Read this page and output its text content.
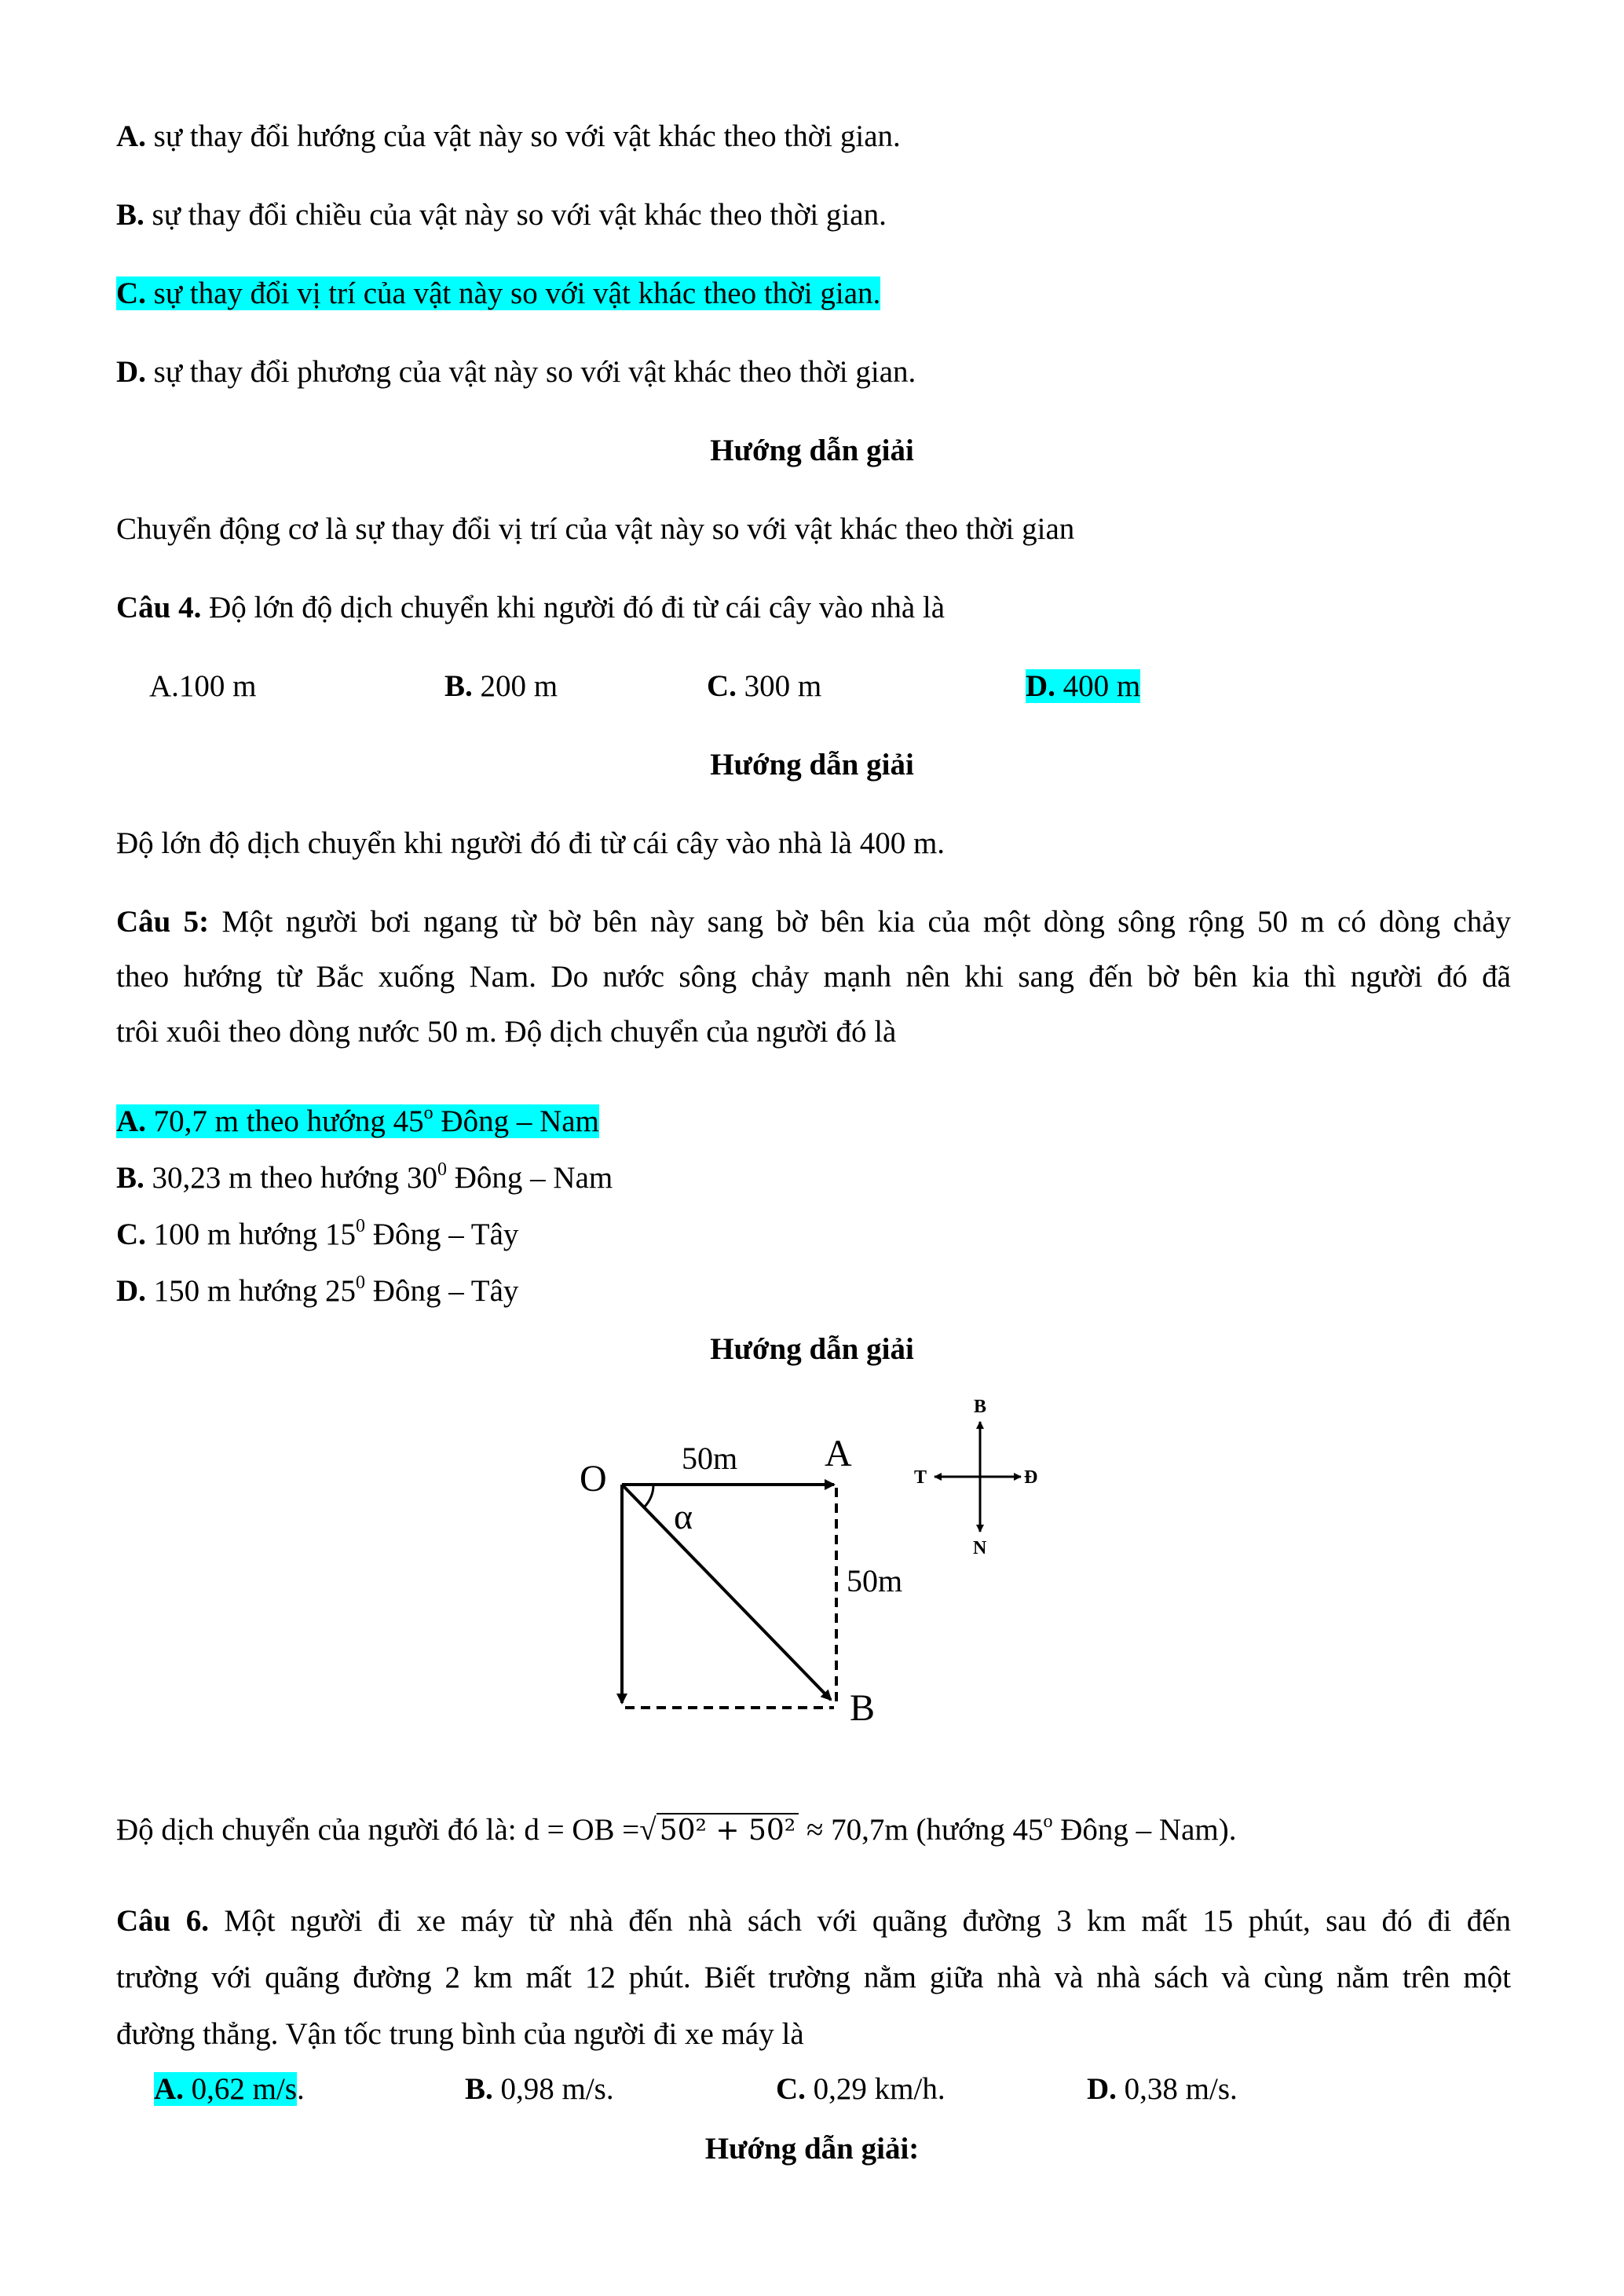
A. sự thay đổi hướng của vật này so với vật khác theo thời gian.
B. sự thay đổi chiều của vật này so với vật khác theo thời gian.
C. sự thay đổi vị trí của vật này so với vật khác theo thời gian.
D. sự thay đổi phương của vật này so với vật khác theo thời gian.
Hướng dẫn giải
Chuyển động cơ là sự thay đổi vị trí của vật này so với vật khác theo thời gian
Câu 4. Độ lớn độ dịch chuyển khi người đó đi từ cái cây vào nhà là
A.100 m	B. 200 m	C. 300 m	D. 400 m
Hướng dẫn giải
Độ lớn độ dịch chuyển khi người đó đi từ cái cây vào nhà là 400 m.
Câu 5: Một người bơi ngang từ bờ bên này sang bờ bên kia của một dòng sông rộng 50 m có dòng chảy
theo hướng từ Bắc xuống Nam. Do nước sông chảy mạnh nên khi sang đến bờ bên kia thì người đó đã
trôi xuôi theo dòng nước 50 m. Độ dịch chuyển của người đó là
A. 70,7 m theo hướng 45$^o$ Đông – Nam
B. 30,23 m theo hướng $30^0$ Đông – Nam
C. 100 m hướng $15^0$ Đông – Tây
D. 150 m hướng $25^0$ Đông – Tây
Hướng dẫn giải
O
A
B
α
50m
50m
B
N
T	Đ
Độ dịch chuyển của người đó là: d = OB =√ 50² + 50² ≈ 70,7m (hướng 45$^o$ Đông – Nam).
Câu 6. Một người đi xe máy từ nhà đến nhà sách với quãng đường 3 km mất 15 phút, sau đó đi đến
trường với quãng đường 2 km mất 12 phút. Biết trường nằm giữa nhà và nhà sách và cùng nằm trên một
đường thẳng. Vận tốc trung bình của người đi xe máy là
A. 0,62 m/s.	B. 0,98 m/s.	C. 0,29 km/h.	D. 0,38 m/s.
Hướng dẫn giải:
